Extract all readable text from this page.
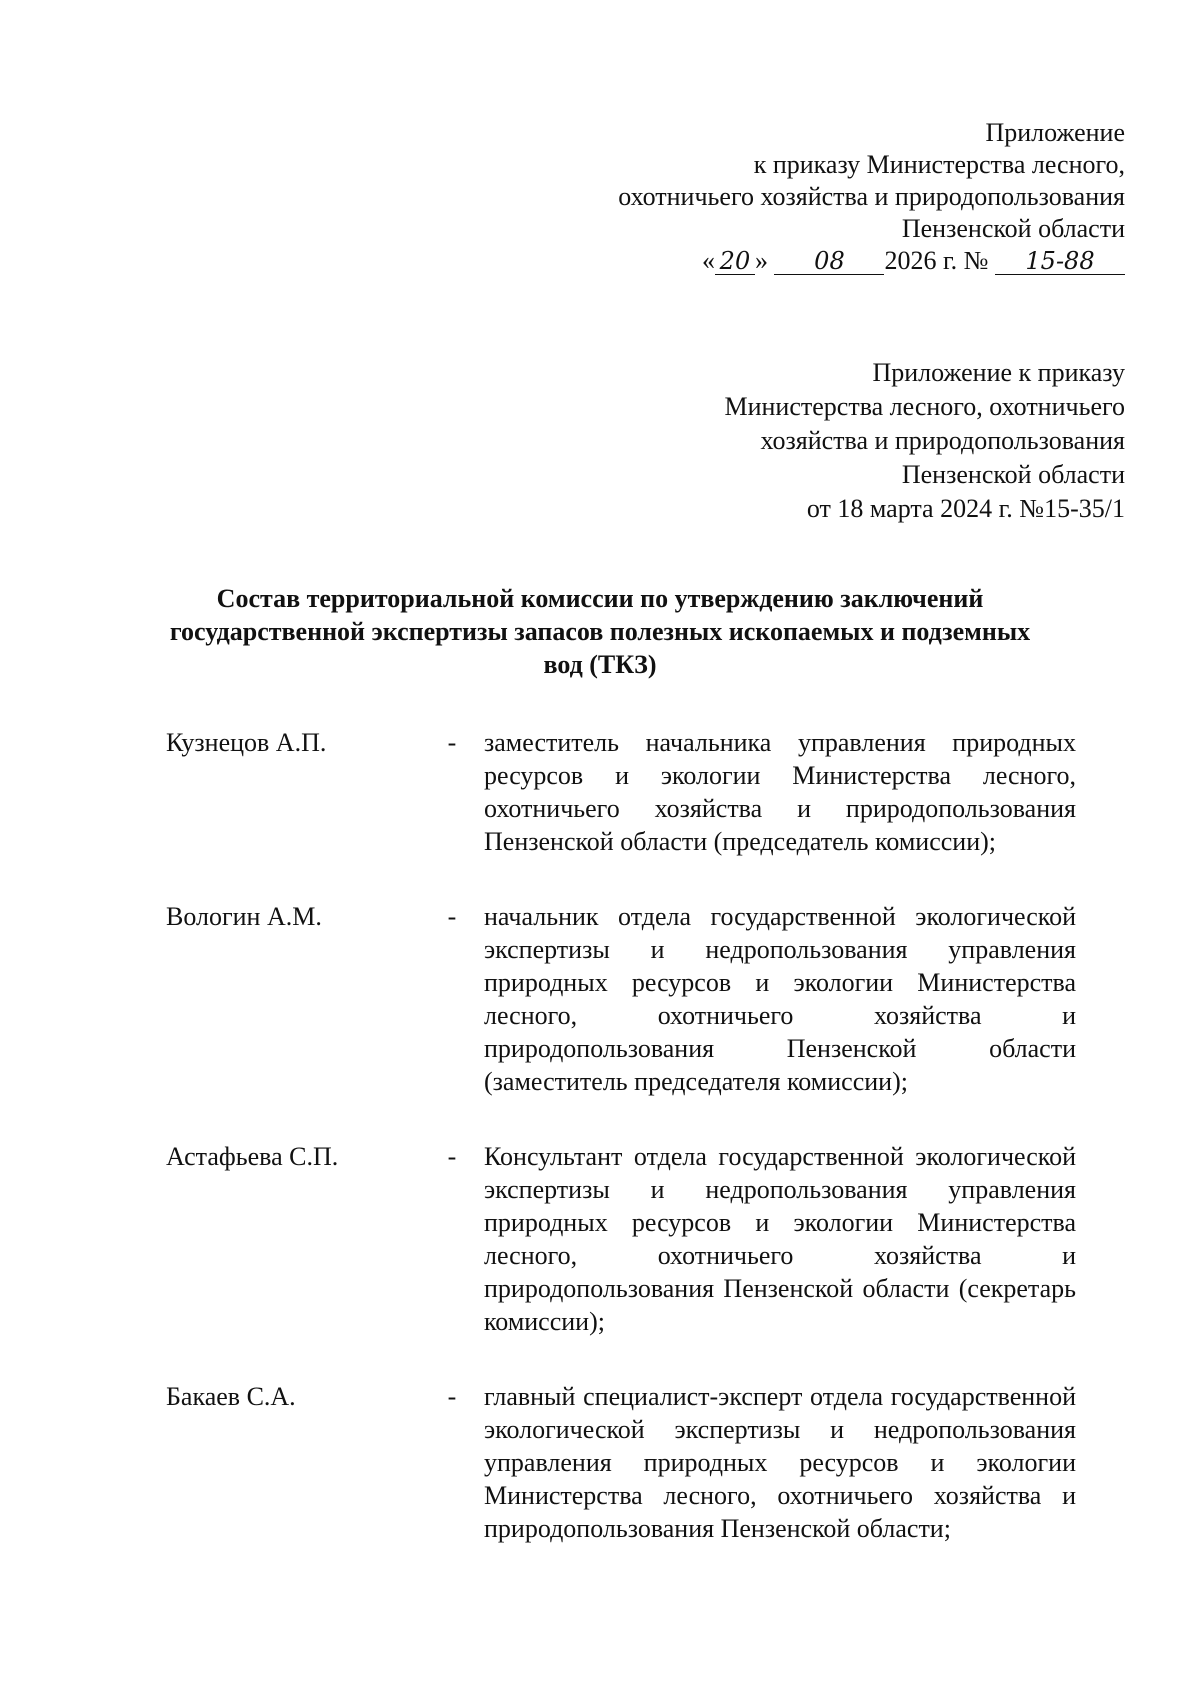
Приложение
к приказу Министерства лесного,
охотничьего хозяйства и природопользования
Пензенской области
« 20 » 08 2026 г. № 15-88
Приложение к приказу
Министерства лесного, охотничьего
хозяйства и природопользования
Пензенской области
от 18 марта 2024 г. №15-35/1
Состав территориальной комиссии по утверждению заключений
государственной экспертизы запасов полезных ископаемых и подземных
вод (ТКЗ)
Кузнецов А.П.	-	заместитель начальника управления природных ресурсов и экологии Министерства лесного, охотничьего хозяйства и природопользования Пензенской области (председатель комиссии);
Вологин А.М.	-	начальник отдела государственной экологической экспертизы и недропользования управления природных ресурсов и экологии Министерства лесного, охотничьего хозяйства и природопользования Пензенской области (заместитель председателя комиссии);
Астафьева С.П.	-	Консультант отдела государственной экологической экспертизы и недропользования управления природных ресурсов и экологии Министерства лесного, охотничьего хозяйства и природопользования Пензенской области (секретарь комиссии);
Бакаев С.А.	-	главный специалист-эксперт отдела государственной экологической экспертизы и недропользования управления природных ресурсов и экологии Министерства лесного, охотничьего хозяйства и природопользования Пензенской области;
